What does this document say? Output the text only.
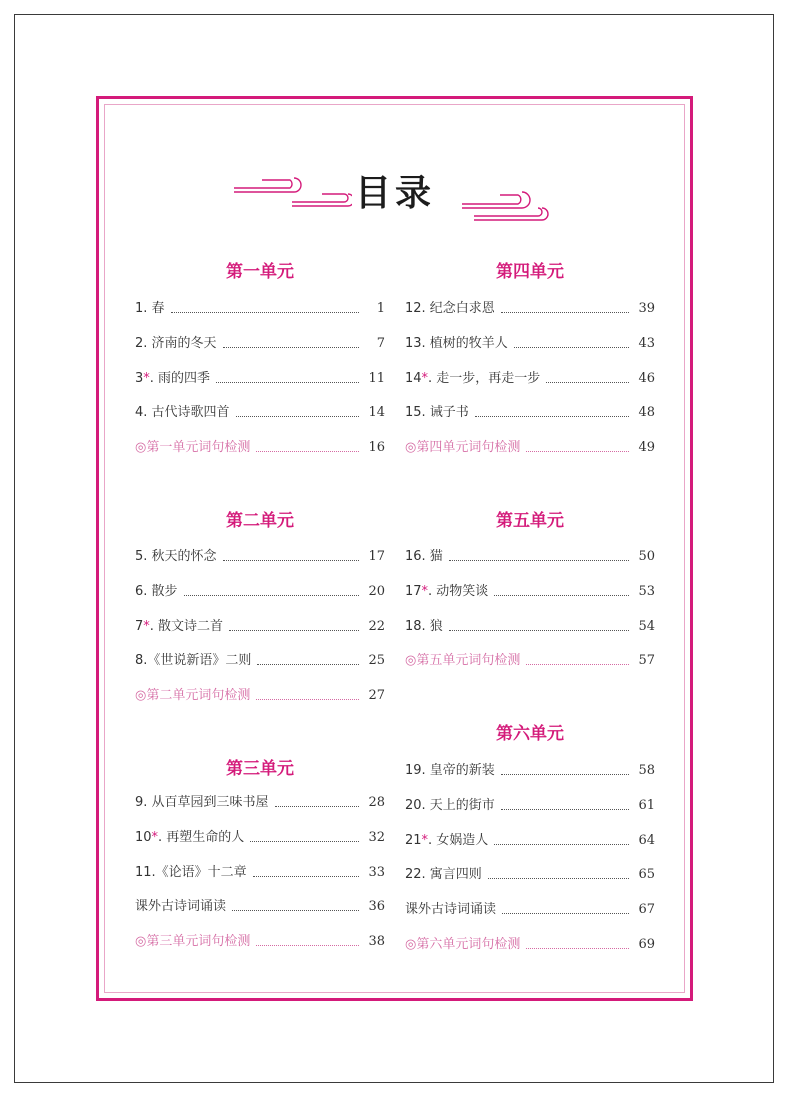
目录
第一单元
1 . 春	1
2 . 济南的冬天	7
3 * . 雨的四季	11
4 . 古代诗歌四首	14
◎ 第一单元词句检测	16
第二单元
5 . 秋天的怀念	17
6 . 散步	20
7 * . 散文诗二首	22
8 .《世说新语》二则	25
◎ 第二单元词句检测	27
第三单元
9 . 从百草园到三味书屋	28
10 * . 再塑生命的人	32
11 .《论语》十二章	33
课外古诗词诵读	36
◎ 第三单元词句检测	38
第四单元
12 . 纪念白求恩	39
13 . 植树的牧羊人	43
14 * . 走一步，再走一步	46
15 . 诫子书	48
◎ 第四单元词句检测	49
第五单元
16 . 猫	50
17 * . 动物笑谈	53
18 . 狼	54
◎ 第五单元词句检测	57
第六单元
19 . 皇帝的新装	58
20 . 天上的街市	61
21 * . 女娲造人	64
22 . 寓言四则	65
课外古诗词诵读	67
◎ 第六单元词句检测	69
